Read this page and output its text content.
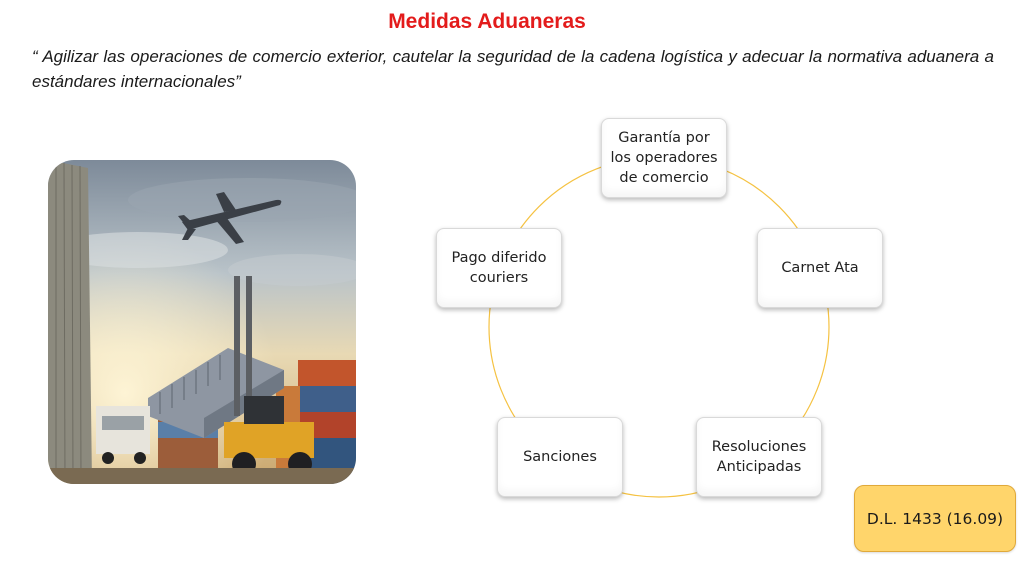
Medidas Aduaneras
“ Agilizar las operaciones de comercio exterior, cautelar la seguridad de la cadena logística y adecuar la normativa aduanera a estándares internacionales”
Garantía por los operadores de comercio
Carnet Ata
Resoluciones Anticipadas
Sanciones
Pago diferido couriers
D.L. 1433 (16.09)
